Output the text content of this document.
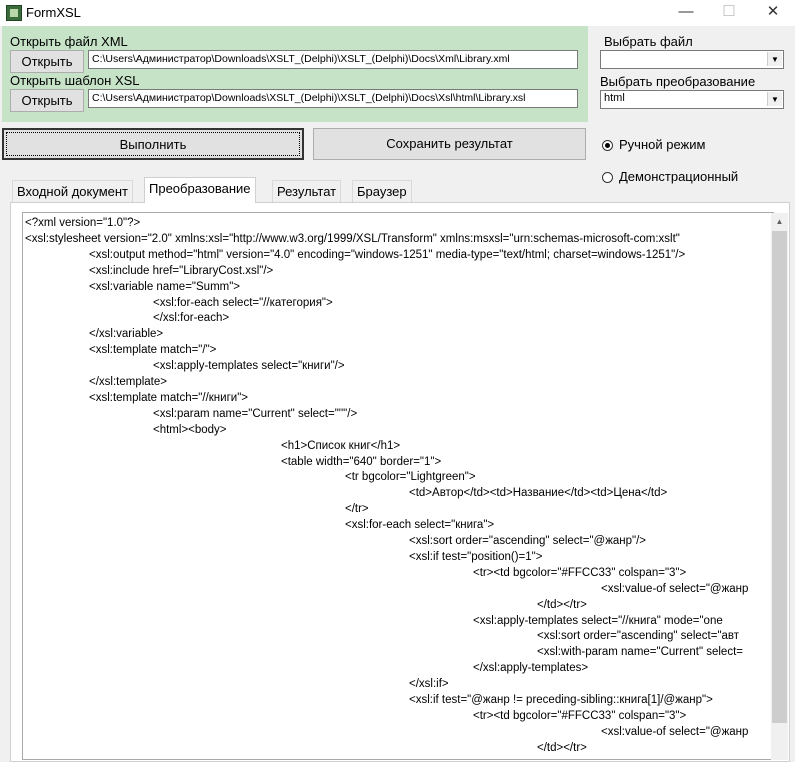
FormXSL	—	☐	✕
Открыть файл XML
Открыть	C:\Users\Администратор\Downloads\XSLT_(Delphi)\XSLT_(Delphi)\Docs\Xml\Library.xml
Открыть шаблон XSL
Открыть	C:\Users\Администратор\Downloads\XSLT_(Delphi)\XSLT_(Delphi)\Docs\Xsl\html\Library.xsl
Выбрать файл
▼
Выбрать преобразование
html	▼
Выполнить	Сохранить результат	Ручной режим
Демонстрационный
Входной документ	Преобразование	Результат	Браузер
<?xml version="1.0"?>
<xsl:stylesheet version="2.0" xmlns:xsl="http://www.w3.org/1999/XSL/Transform" xmlns:msxsl="urn:schemas-microsoft-com:xslt"
<xsl:output method="html" version="4.0" encoding="windows-1251" media-type="text/html; charset=windows-1251"/>
<xsl:include href="LibraryCost.xsl"/>
<xsl:variable name="Summ">
<xsl:for-each select="//категория">
</xsl:for-each>
</xsl:variable>
<xsl:template match="/">
<xsl:apply-templates select="книги"/>
</xsl:template>
<xsl:template match="//книги">
<xsl:param name="Current" select="''"/>
<html><body>
<h1>Список книг</h1>
<table width="640" border="1">
<tr bgcolor="Lightgreen">
<td>Автор</td><td>Название</td><td>Цена</td>
</tr>
<xsl:for-each select="книга">
<xsl:sort order="ascending" select="@жанр"/>
<xsl:if test="position()=1">
<tr><td bgcolor="#FFCC33" colspan="3">
<xsl:value-of select="@жанр
</td></tr>
<xsl:apply-templates select="//книга" mode="one
<xsl:sort order="ascending" select="авт
<xsl:with-param name="Current" select=
</xsl:apply-templates>
</xsl:if>
<xsl:if test="@жанр != preceding-sibling::книга[1]/@жанр">
<tr><td bgcolor="#FFCC33" colspan="3">
<xsl:value-of select="@жанр
</td></tr>
▲
